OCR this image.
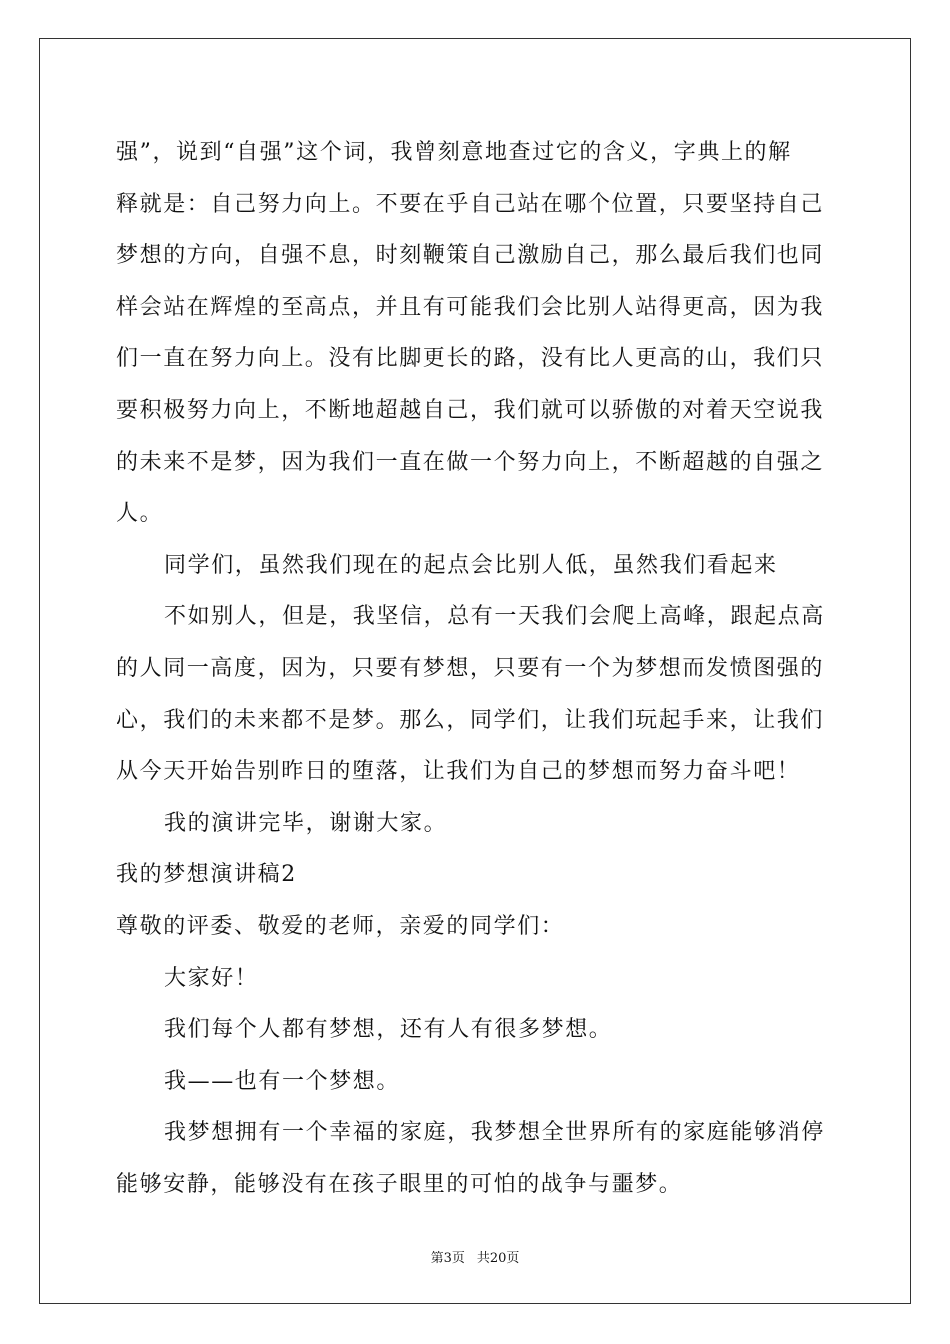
强”，说到“自强”这个词，我曾刻意地查过它的含义，字典上的解
释就是：自己努力向上。不要在乎自己站在哪个位置，只要坚持自己
梦想的方向，自强不息，时刻鞭策自己激励自己，那么最后我们也同
样会站在辉煌的至高点，并且有可能我们会比别人站得更高，因为我
们一直在努力向上。没有比脚更长的路，没有比人更高的山，我们只
要积极努力向上，不断地超越自己，我们就可以骄傲的对着天空说我
的未来不是梦，因为我们一直在做一个努力向上，不断超越的自强之
人。
同学们，虽然我们现在的起点会比别人低，虽然我们看起来
不如别人，但是，我坚信，总有一天我们会爬上高峰，跟起点高
的人同一高度，因为，只要有梦想，只要有一个为梦想而发愤图强的
心，我们的未来都不是梦。那么，同学们，让我们玩起手来，让我们
从今天开始告别昨日的堕落，让我们为自己的梦想而努力奋斗吧！
我的演讲完毕，谢谢大家。
我的梦想演讲稿2
尊敬的评委、敬爱的老师，亲爱的同学们：
大家好！
我们每个人都有梦想，还有人有很多梦想。
我——也有一个梦想。
我梦想拥有一个幸福的家庭，我梦想全世界所有的家庭能够消停
能够安静，能够没有在孩子眼里的可怕的战争与噩梦。
第3页 共20页
